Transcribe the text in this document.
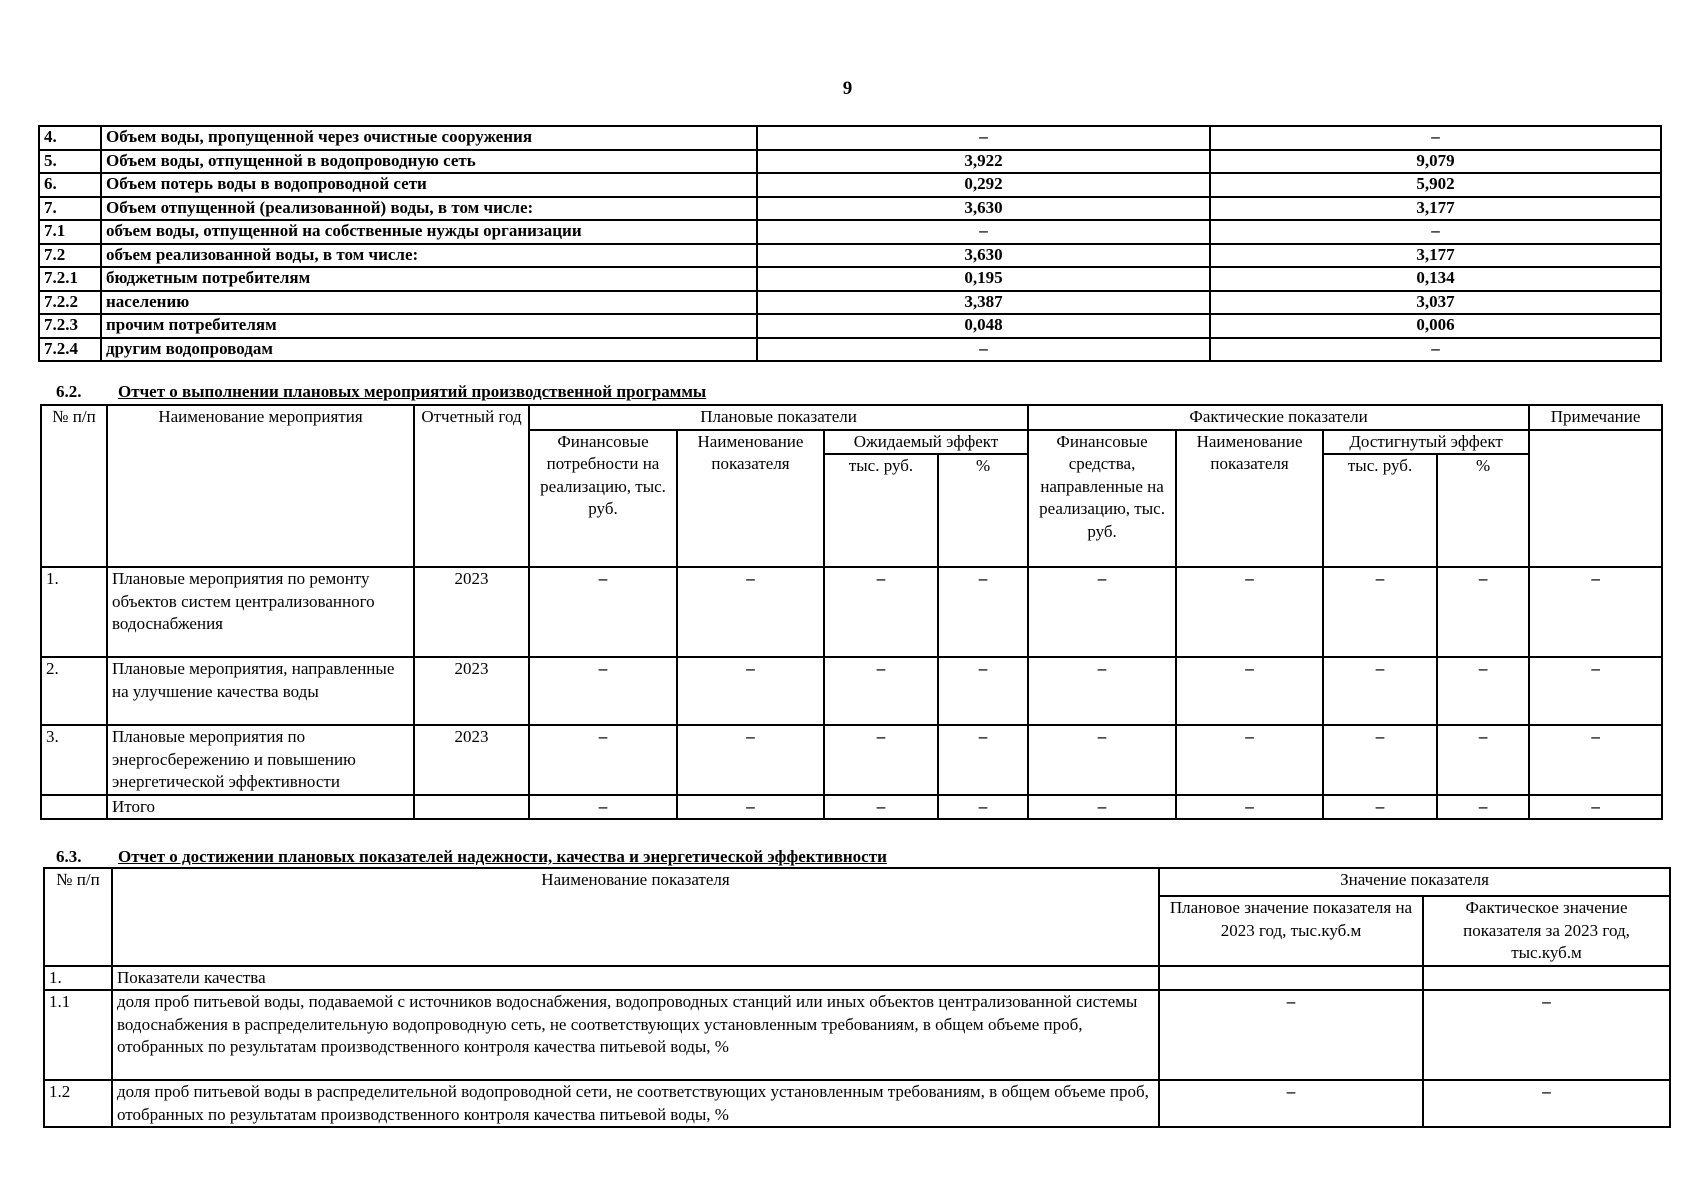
9
4.	Объем воды, пропущенной через очистные сооружения	–	–
5.	Объем воды, отпущенной в водопроводную сеть	3,922	9,079
6.	Объем потерь воды в водопроводной сети	0,292	5,902
7.	Объем отпущенной (реализованной) воды, в том числе:	3,630	3,177
7.1	объем воды, отпущенной на собственные нужды организации	–	–
7.2	объем реализованной воды, в том числе:	3,630	3,177
7.2.1	бюджетным потребителям	0,195	0,134
7.2.2	населению	3,387	3,037
7.2.3	прочим потребителям	0,048	0,006
7.2.4	другим водопроводам	–	–
6.2. Отчет о выполнении плановых мероприятий производственной программы
№ п/п	Наименование мероприятия	Отчетный год	Плановые показатели				Фактические показатели				Примечание
			Финансовые потребности на реализацию, тыс. руб.	Наименование показателя	Ожидаемый эффект		Финансовые средства, направленные на реализацию, тыс. руб.	Наименование показателя	Достигнутый эффект		
					тыс. руб.	%			тыс. руб.	%	
1.	Плановые мероприятия по ремонту объектов систем централизованного водоснабжения	2023	–	–	–	–	–	–	–	–	–
2.	Плановые мероприятия, направленные на улучшение качества воды	2023	–	–	–	–	–	–	–	–	–
3.	Плановые мероприятия по энергосбережению и повышению энергетической эффективности	2023	–	–	–	–	–	–	–	–	–
	Итого		–	–	–	–	–	–	–	–	–
6.3. Отчет о достижении плановых показателей надежности, качества и энергетической эффективности
№ п/п	Наименование показателя	Значение показателя	
		Плановое значение показателя на 2023 год, тыс.куб.м	Фактическое значение показателя за 2023 год, тыс.куб.м
1.	Показатели качества		
1.1	доля проб питьевой воды, подаваемой с источников водоснабжения, водопроводных станций или иных объектов централизованной системы водоснабжения в распределительную водопроводную сеть, не соответствующих установленным требованиям, в общем объеме проб, отобранных по результатам производственного контроля качества питьевой воды, %	–	–
1.2	доля проб питьевой воды в распределительной водопроводной сети, не соответствующих установленным требованиям, в общем объеме проб, отобранных по результатам производственного контроля качества питьевой воды, %	–	–
